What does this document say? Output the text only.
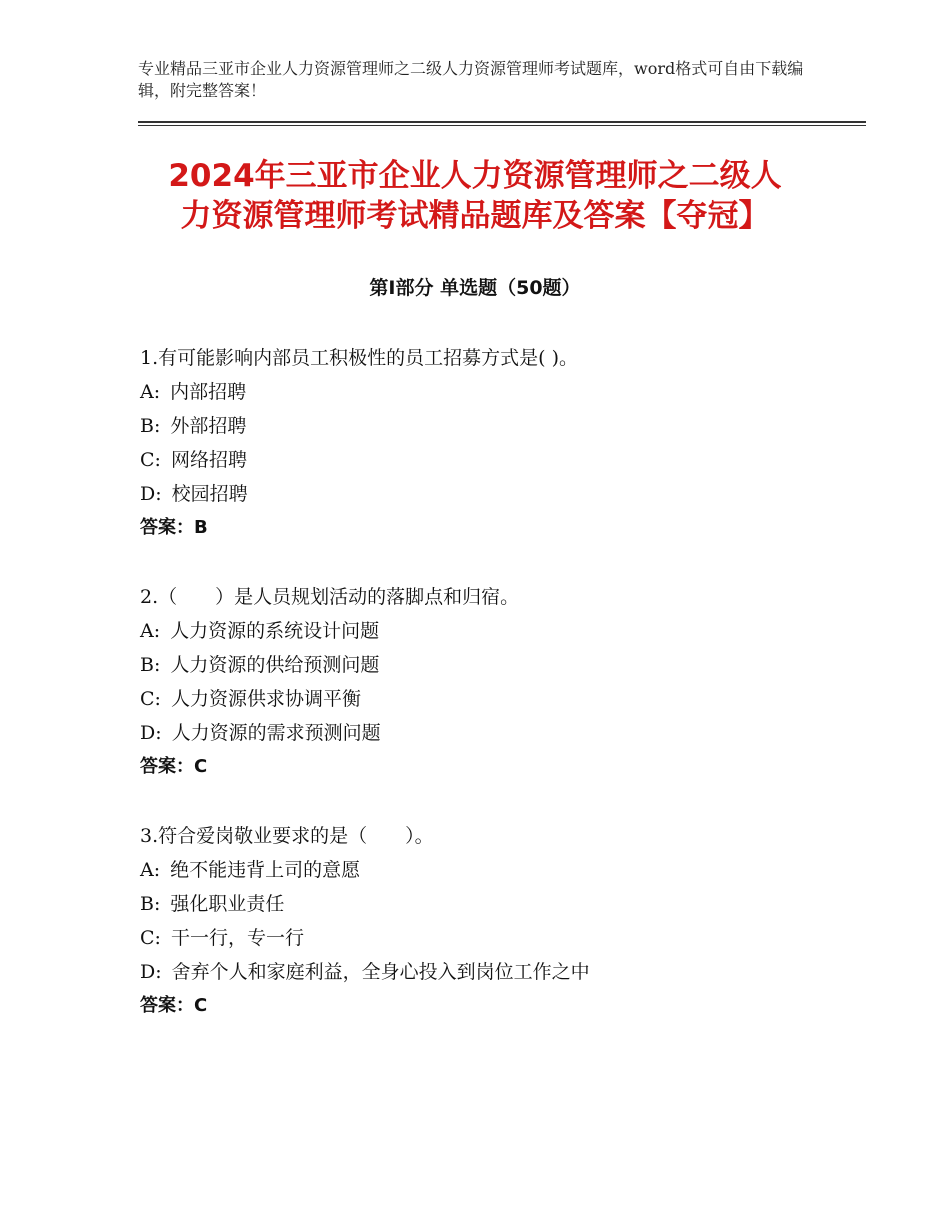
专业精品三亚市企业人力资源管理师之二级人力资源管理师考试题库，word格式可自由下载编辑，附完整答案！
2024年三亚市企业人力资源管理师之二级人
力资源管理师考试精品题库及答案【夺冠】
第Ⅰ部分 单选题（50题）
1.有可能影响内部员工积极性的员工招募方式是( )。
A: 内部招聘
B: 外部招聘
C: 网络招聘
D: 校园招聘
答案：B
2.（　　）是人员规划活动的落脚点和归宿。
A: 人力资源的系统设计问题
B: 人力资源的供给预测问题
C: 人力资源供求协调平衡
D: 人力资源的需求预测问题
答案：C
3.符合爱岗敬业要求的是（　　）。
A: 绝不能违背上司的意愿
B: 强化职业责任
C: 干一行，专一行
D: 舍弃个人和家庭利益，全身心投入到岗位工作之中
答案：C
